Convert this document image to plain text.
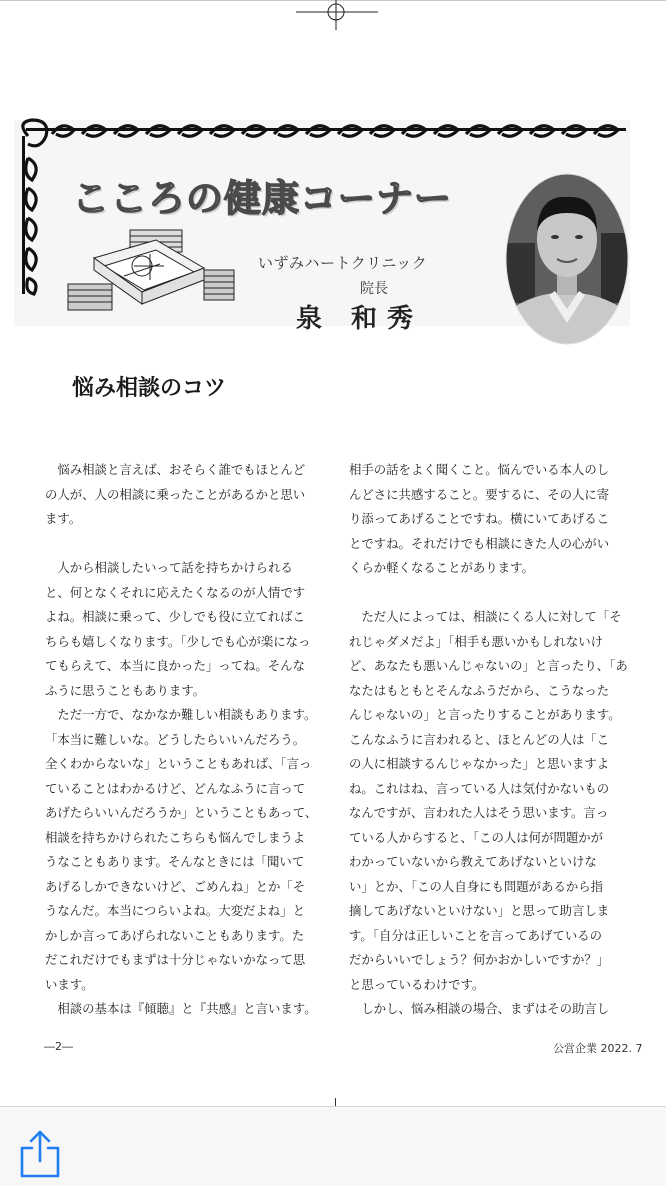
こころの健康コーナー
いずみハートクリニック
院長
泉 和秀
悩み相談のコツ

　悩み相談と言えば、おそらく誰でもほとんど

の人が、人の相談に乗ったことがあるかと思い

ます。

　人から相談したいって話を持ちかけられる

と、何となくそれに応えたくなるのが人情です

よね。相談に乗って、少しでも役に立てればこ

ちらも嬉しくなります。「少しでも心が楽になっ

てもらえて、本当に良かった」ってね。そんな

ふうに思うこともあります。

　ただ一方で、なかなか難しい相談もあります。

「本当に難しいな。どうしたらいいんだろう。

全くわからないな」ということもあれば、「言っ

ていることはわかるけど、どんなふうに言って

あげたらいいんだろうか」ということもあって、

相談を持ちかけられたこちらも悩んでしまうよ

うなこともあります。そんなときには「聞いて

あげるしかできないけど、ごめんね」とか「そ

うなんだ。本当につらいよね。大変だよね」と

かしか言ってあげられないこともあります。た

だこれだけでもまずは十分じゃないかなって思

います。

　相談の基本は『傾聴』と『共感』と言います。

相手の話をよく聞くこと。悩んでいる本人のし

んどさに共感すること。要するに、その人に寄

り添ってあげることですね。横にいてあげるこ

とですね。それだけでも相談にきた人の心がい

くらか軽くなることがあります。

　ただ人によっては、相談にくる人に対して「そ

れじゃダメだよ」「相手も悪いかもしれないけ

ど、あなたも悪いんじゃないの」と言ったり、「あ

なたはもともとそんなふうだから、こうなった

んじゃないの」と言ったりすることがあります。

こんなふうに言われると、ほとんどの人は「こ

の人に相談するんじゃなかった」と思いますよ

ね。これはね、言っている人は気付かないもの

なんですが、言われた人はそう思います。言っ

ている人からすると、「この人は何が問題かが

わかっていないから教えてあげないといけな

い」とか、「この人自身にも問題があるから指

摘してあげないといけない」と思って助言しま

す。「自分は正しいことを言ってあげているの

だからいいでしょう？何かおかしいですか？」

と思っているわけです。

　しかし、悩み相談の場合、まずはその助言し

―2―	公営企業 2022. 7
